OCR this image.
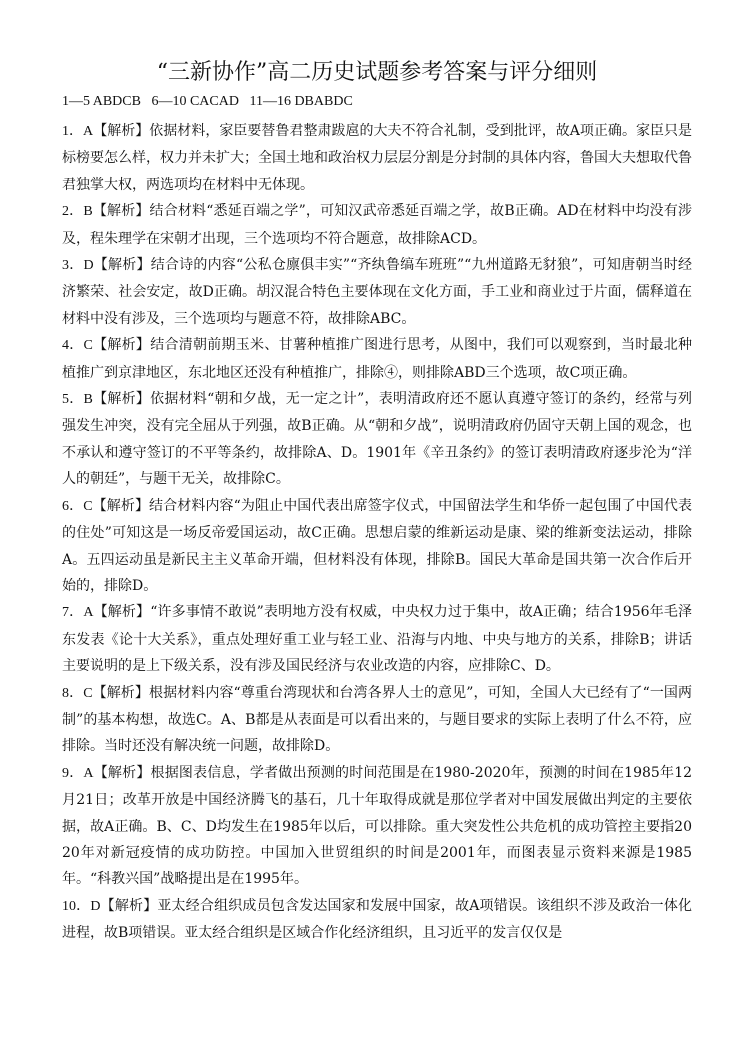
“三新协作”高二历史试题参考答案与评分细则
1—5 ABDCB   6—10 CACAD   11—16 DBABDC

1．A【解析】依据材料，家臣要替鲁君整肃跋扈的大夫不符合礼制，受到批评，故A项正确。家臣只是标榜要怎么样，权力并未扩大；全国土地和政治权力层层分割是分封制的具体内容，鲁国大夫想取代鲁君独掌大权，两选项均在材料中无体现。

2．B【解析】结合材料“悉延百端之学”，可知汉武帝悉延百端之学，故B正确。AD在材料中均没有涉及，程朱理学在宋朝才出现，三个选项均不符合题意，故排除ACD。

3．D【解析】结合诗的内容“公私仓廪俱丰实”“齐纨鲁缟车班班”“九州道路无豺狼”，可知唐朝当时经济繁荣、社会安定，故D正确。胡汉混合特色主要体现在文化方面，手工业和商业过于片面，儒释道在材料中没有涉及，三个选项均与题意不符，故排除ABC。

4．C【解析】结合清朝前期玉米、甘薯种植推广图进行思考，从图中，我们可以观察到，当时最北种植推广到京津地区，东北地区还没有种植推广，排除④，则排除ABD三个选项，故C项正确。

5．B【解析】依据材料“朝和夕战，无一定之计”，表明清政府还不愿认真遵守签订的条约，经常与列强发生冲突，没有完全屈从于列强，故B正确。从“朝和夕战”，说明清政府仍固守天朝上国的观念，也不承认和遵守签订的不平等条约，故排除A、D。1901年《辛丑条约》的签订表明清政府逐步沦为“洋人的朝廷”，与题干无关，故排除C。

6．C【解析】结合材料内容“为阻止中国代表出席签字仪式，中国留法学生和华侨一起包围了中国代表的住处”可知这是一场反帝爱国运动，故C正确。思想启蒙的维新运动是康、梁的维新变法运动，排除A。五四运动虽是新民主主义革命开端，但材料没有体现，排除B。国民大革命是国共第一次合作后开始的，排除D。

7．A【解析】“许多事情不敢说”表明地方没有权威，中央权力过于集中，故A正确；结合1956年毛泽东发表《论十大关系》，重点处理好重工业与轻工业、沿海与内地、中央与地方的关系，排除B；讲话主要说明的是上下级关系，没有涉及国民经济与农业改造的内容，应排除C、D。

8．C【解析】根据材料内容“尊重台湾现状和台湾各界人士的意见”，可知，全国人大已经有了“一国两制”的基本构想，故选C。A、B都是从表面是可以看出来的，与题目要求的实际上表明了什么不符，应排除。当时还没有解决统一问题，故排除D。

9．A【解析】根据图表信息，学者做出预测的时间范围是在1980-2020年，预测的时间在1985年12月21日；改革开放是中国经济腾飞的基石，几十年取得成就是那位学者对中国发展做出判定的主要依据，故A正确。B、C、D均发生在1985年以后，可以排除。重大突发性公共危机的成功管控主要指2020年对新冠疫情的成功防控。中国加入世贸组织的时间是2001年，而图表显示资料来源是1985年。“科教兴国”战略提出是在1995年。

10．D【解析】亚太经合组织成员包含发达国家和发展中国家，故A项错误。该组织不涉及政治一体化进程，故B项错误。亚太经合组织是区域合作化经济组织，且习近平的发言仅仅是
